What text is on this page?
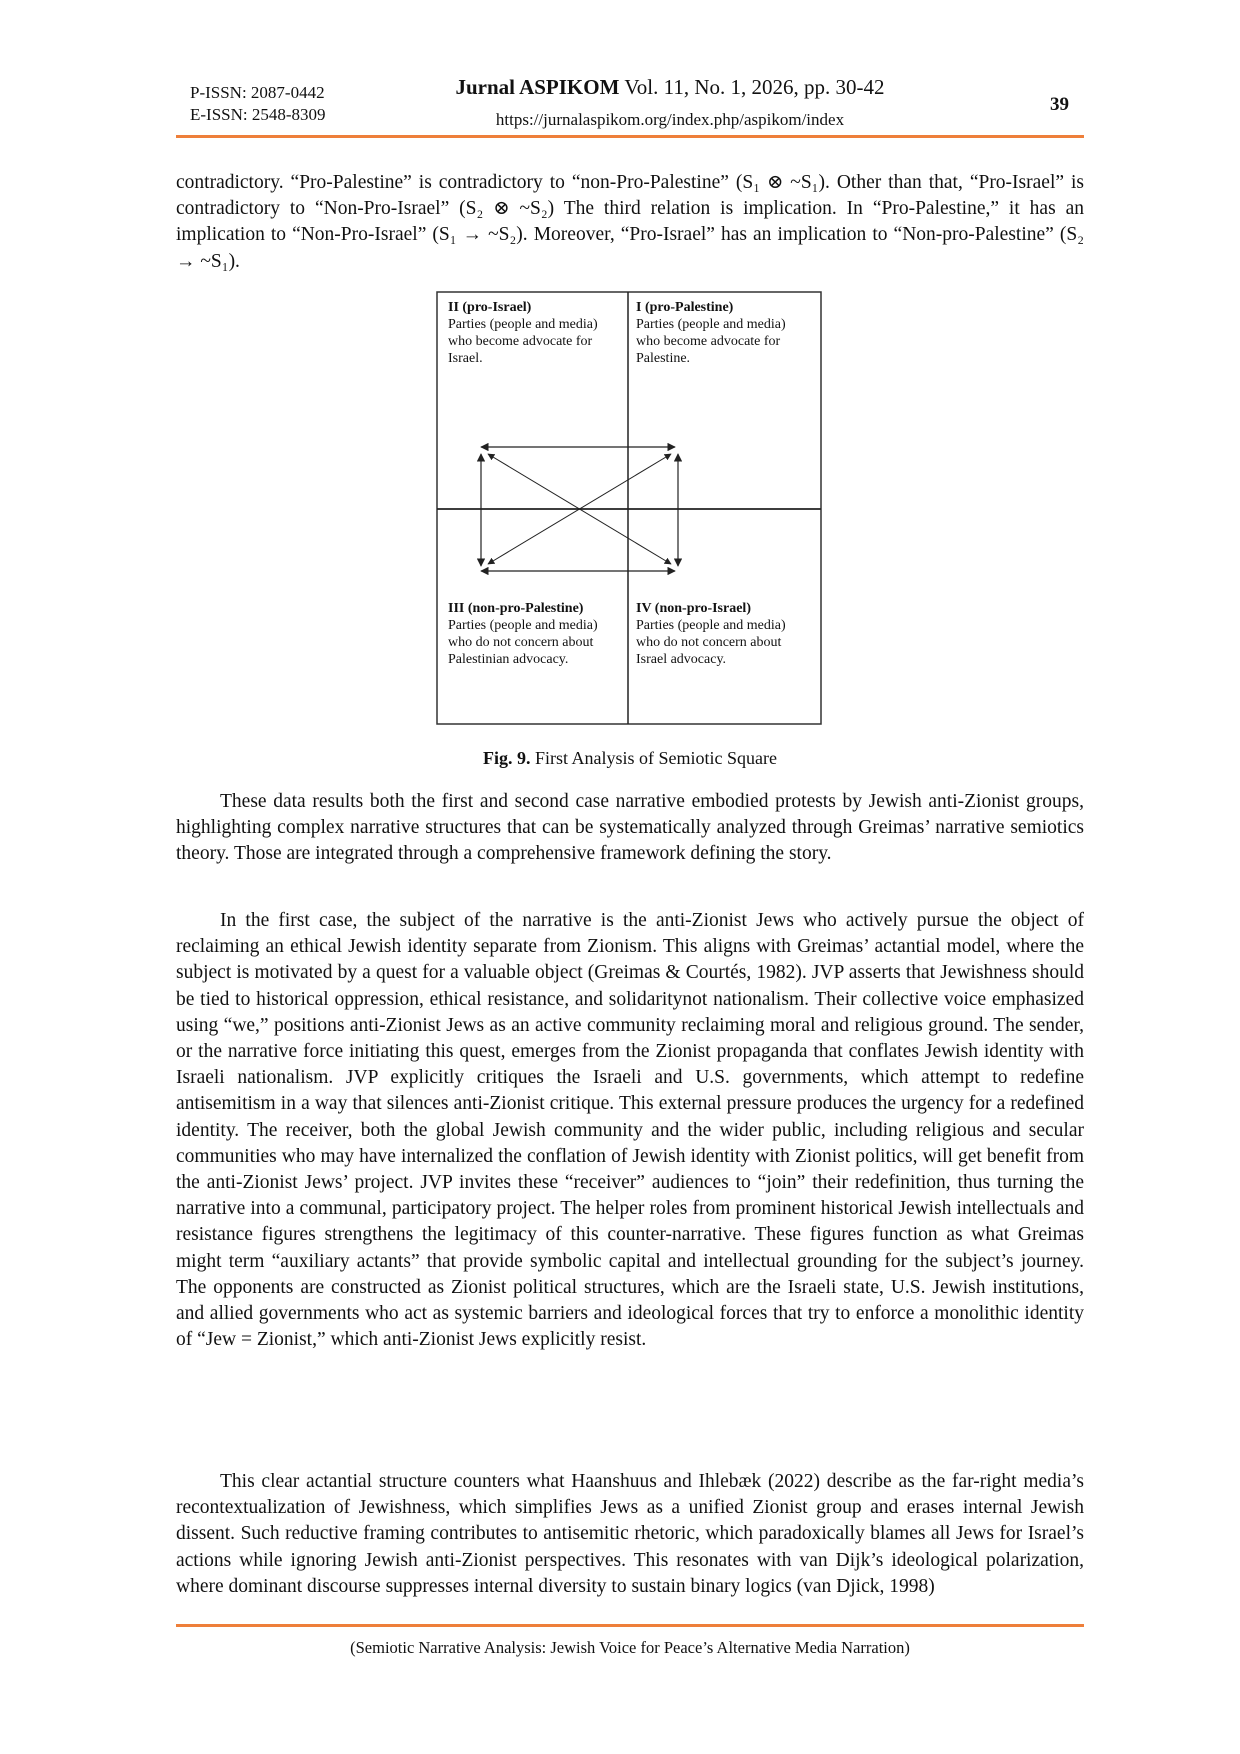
P-ISSN: 2087-0442
E-ISSN: 2548-8309
Jurnal ASPIKOM Vol. 11, No. 1, 2026, pp. 30-42
https://jurnalaspikom.org/index.php/aspikom/index
39

contradictory. “Pro-Palestine” is contradictory to “non-Pro-Palestine” (S₁ ⊗ ~S₁). Other than that, “Pro-Israel” is contradictory to “Non-Pro-Israel” (S₂ ⊗ ~S₂) The third relation is implication. In “Pro-Palestine,” it has an implication to “Non-Pro-Israel” (S₁ → ~S₂). Moreover, “Pro-Israel” has an implication to “Non-pro-Palestine” (S₂ → ~S₁).

II (pro-Israel)
Parties (people and media) who become advocate for Israel.
I (pro-Palestine)
Parties (people and media) who become advocate for Palestine.
III (non-pro-Palestine)
Parties (people and media) who do not concern about Palestinian advocacy.
IV (non-pro-Israel)
Parties (people and media) who do not concern about Israel advocacy.
Fig. 9. First Analysis of Semiotic Square

These data results both the first and second case narrative embodied protests by Jewish anti-Zionist groups, highlighting complex narrative structures that can be systematically analyzed through Greimas’ narrative semiotics theory. Those are integrated through a comprehensive framework defining the story.

In the first case, the subject of the narrative is the anti-Zionist Jews who actively pursue the object of reclaiming an ethical Jewish identity separate from Zionism. This aligns with Greimas’ actantial model, where the subject is motivated by a quest for a valuable object (Greimas & Courtés, 1982). JVP asserts that Jewishness should be tied to historical oppression, ethical resistance, and solidaritynot nationalism. Their collective voice emphasized using “we,” positions anti-Zionist Jews as an active community reclaiming moral and religious ground. The sender, or the narrative force initiating this quest, emerges from the Zionist propaganda that conflates Jewish identity with Israeli nationalism. JVP explicitly critiques the Israeli and U.S. governments, which attempt to redefine antisemitism in a way that silences anti-Zionist critique. This external pressure produces the urgency for a redefined identity. The receiver, both the global Jewish community and the wider public, including religious and secular communities who may have internalized the conflation of Jewish identity with Zionist politics, will get benefit from the anti-Zionist Jews’ project. JVP invites these “receiver” audiences to “join” their redefinition, thus turning the narrative into a communal, participatory project. The helper roles from prominent historical Jewish intellectuals and resistance figures strengthens the legitimacy of this counter-narrative. These figures function as what Greimas might term “auxiliary actants” that provide symbolic capital and intellectual grounding for the subject’s journey. The opponents are constructed as Zionist political structures, which are the Israeli state, U.S. Jewish institutions, and allied governments who act as systemic barriers and ideological forces that try to enforce a monolithic identity of “Jew = Zionist,” which anti-Zionist Jews explicitly resist.

This clear actantial structure counters what Haanshuus and Ihlebæk (2022) describe as the far-right media’s recontextualization of Jewishness, which simplifies Jews as a unified Zionist group and erases internal Jewish dissent. Such reductive framing contributes to antisemitic rhetoric, which paradoxically blames all Jews for Israel’s actions while ignoring Jewish anti-Zionist perspectives. This resonates with van Dijk’s ideological polarization, where dominant discourse suppresses internal diversity to sustain binary logics (van Djick, 1998)

(Semiotic Narrative Analysis: Jewish Voice for Peace’s Alternative Media Narration)
